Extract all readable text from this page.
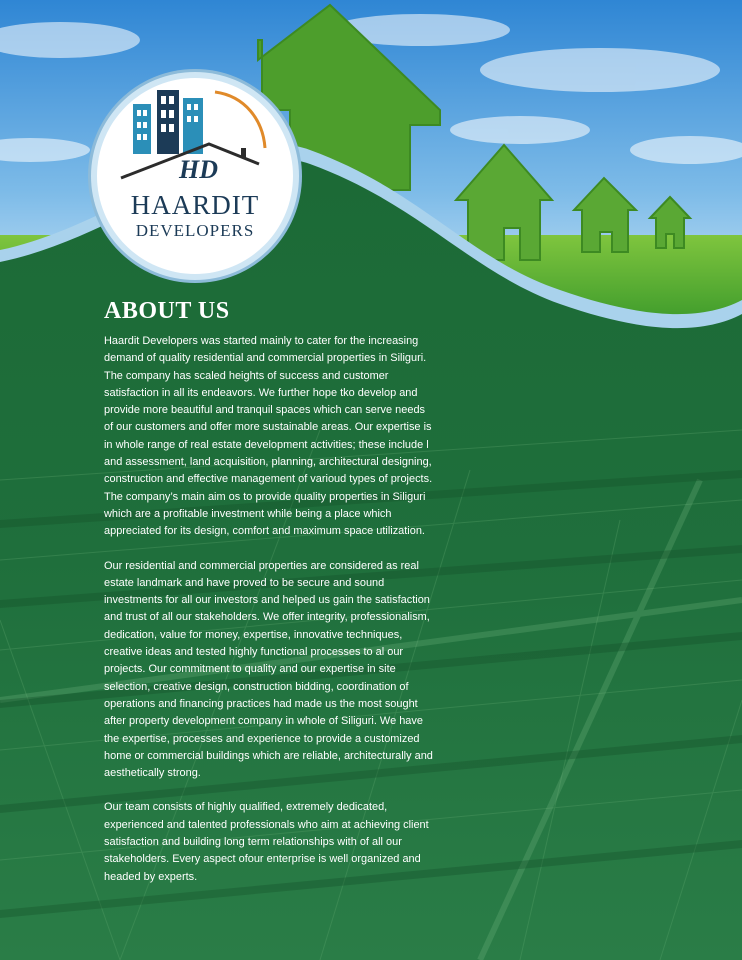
HD
HAARDIT
DEVELOPERS
ABOUT US

Haardit Developers was started mainly to cater for the increasing demand of quality residential and commercial properties in Siliguri. The company has scaled heights of success and customer satisfaction in all its endeavors. We further hope tko develop and provide more beautiful and tranquil spaces which can serve needs of our customers and offer more sustainable areas. Our expertise is in whole range of real estate development activities; these include l and assessment, land acquisition, planning, architectural designing, construction and effective management of variou​d types of projects. The company’s main aim os to provide quality properties in Siliguri which are a profitable investment while being a place which appreciated for its design, comfort and maximum space utilization.

Our residential and commercial properties are considered as real estate landmark and have proved to be secure and sound investments for all our investors and helped us gain the satisfaction and trust of all our stakeholders. We offer integrity, professionalism, dedication, value for money, expertise, innovative techniques, creative ideas and tested highly functional processes to al our projects. Our commitment to quality and our expertise in site selection, creative design, construction bidding, coordination of operations and financing practices had made us the most sought after property development company in whole of Siliguri. We have the expertise, processes and experience to provide a customized home or commercial buildings which are reliable, architecturally and aesthetically strong.

Our team consists of highly qualified, extremely dedicated, experienced and talented professionals who aim at achieving client satisfaction and building long term relationships with of all our stakeholders. Every aspect ofour enterprise is well organized and headed by experts.
